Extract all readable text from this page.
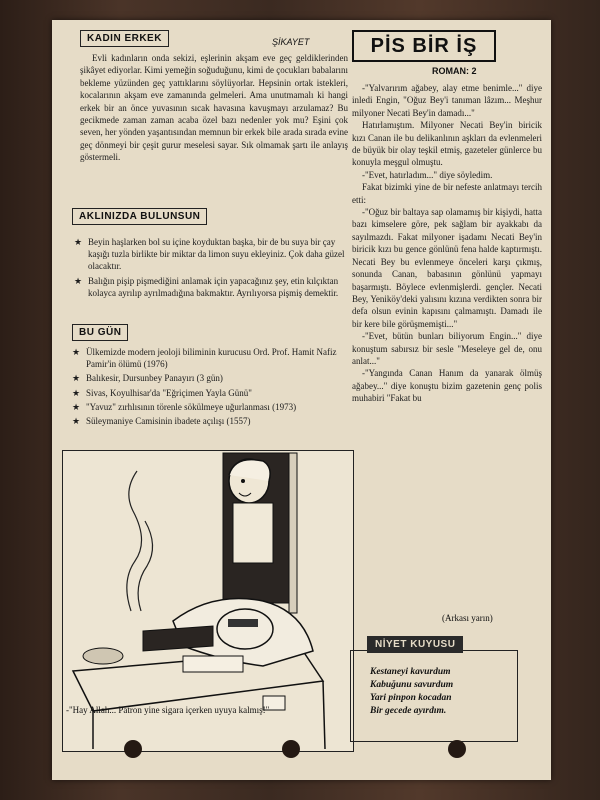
KADIN ERKEK	ŞİKAYET
Evli kadınların onda sekizi, eşlerinin akşam eve geç geldiklerinden şikâyet ediyorlar. Kimi yemeğin soğuduğunu, kimi de çocukları babalarını bekleme yüzünden geç yattıklarını söylüyorlar. Hepsinin ortak istekleri, kocalarının akşam eve zamanında gelmeleri. Ama unutmamalı ki hangi erkek bir an önce yuvasının sıcak havasına kavuşmayı arzulamaz? Bu gecikmede zaman zaman acaba özel bazı nedenler yok mu? Eşini çok seven, her yönden yaşantısından memnun bir erkek bile arada sırada evine geç dönmeyi bir çeşit gurur meselesi sayar. Sık olmamak şartı ile anlayış göstermeli.
AKLINIZDA BULUNSUN
★ Beyin haşlarken bol su içine koyduktan başka, bir de bu suya bir çay kaşığı tuzla birlikte bir miktar da limon suyu ekleyiniz. Çok daha güzel olacaktır.
★ Balığın pişip pişmediğini anlamak için yapacağınız şey, etin kılçıktan kolayca ayrılıp ayrılmadığına bakmaktır. Ayrılıyorsa pişmiş demektir.
BU GÜN
★ Ülkemizde modern jeoloji biliminin kurucusu Ord. Prof. Hamit Nafiz Pamir'in ölümü (1976)
★ Balıkesir, Dursunbey Panayırı (3 gün)
★ Sivas, Koyulhisar'da "Eğriçimen Yayla Günü"
★ "Yavuz" zırhlısının törenle sökülmeye uğurlanması (1973)
★ Süleymaniye Camisinin ibadete açılışı (1557)
-"Hay Allah... Patron yine sigara içerken uyuya kalmış!"
PİS BİR İŞ
ROMAN: 2

-"Yalvarırım ağabey, alay etme benimle..." diye inledi Engin, "Oğuz Bey'i tanıman lâzım... Meşhur milyoner Necati Bey'in damadı..."

Hatırlamıştım. Milyoner Necati Bey'in biricik kızı Canan ile bu delikanlının aşkları da evlenmeleri de büyük bir olay teşkil etmiş, gazeteler günlerce bu konuyla meşgul olmuştu.

-"Evet, hatırladım..." diye söyledim.

Fakat bizimki yine de bir nefeste anlatmayı tercih etti:

-"Oğuz bir baltaya sap olamamış bir kişiydi, hatta bazı kimselere göre, pek sağlam bir ayakkabı da sayılmazdı. Fakat milyoner işadamı Necati Bey'in biricik kızı bu gence gönlünü fena halde kaptırmıştı. Necati Bey bu evlenmeye önceleri karşı çıkmış, sonunda Canan, babasının gönlünü yapmayı başarmıştı. Böylece evlenmişlerdi. gençler. Necati Bey, Yeniköy'deki yalısını kızına verdikten sonra bir defa olsun evinin kapısını çalmamıştı. Damadı ile bir kere bile görüşmemişti..."

-"Evet, bütün bunları biliyorum Engin..." diye konuştum sabırsız bir sesle "Meseleye gel de, onu anlat..."

-"Yangında Canan Hanım da yanarak ölmüş ağabey..." diye konuştu bizim gazetenin genç polis muhabiri "Fakat bu

(Arkası yarın)
NİYET KUYUSU
Kestaneyi kavurdum
Kabuğunu savurdum
Yari pinpon kocadan
Bir gecede ayırdım.
